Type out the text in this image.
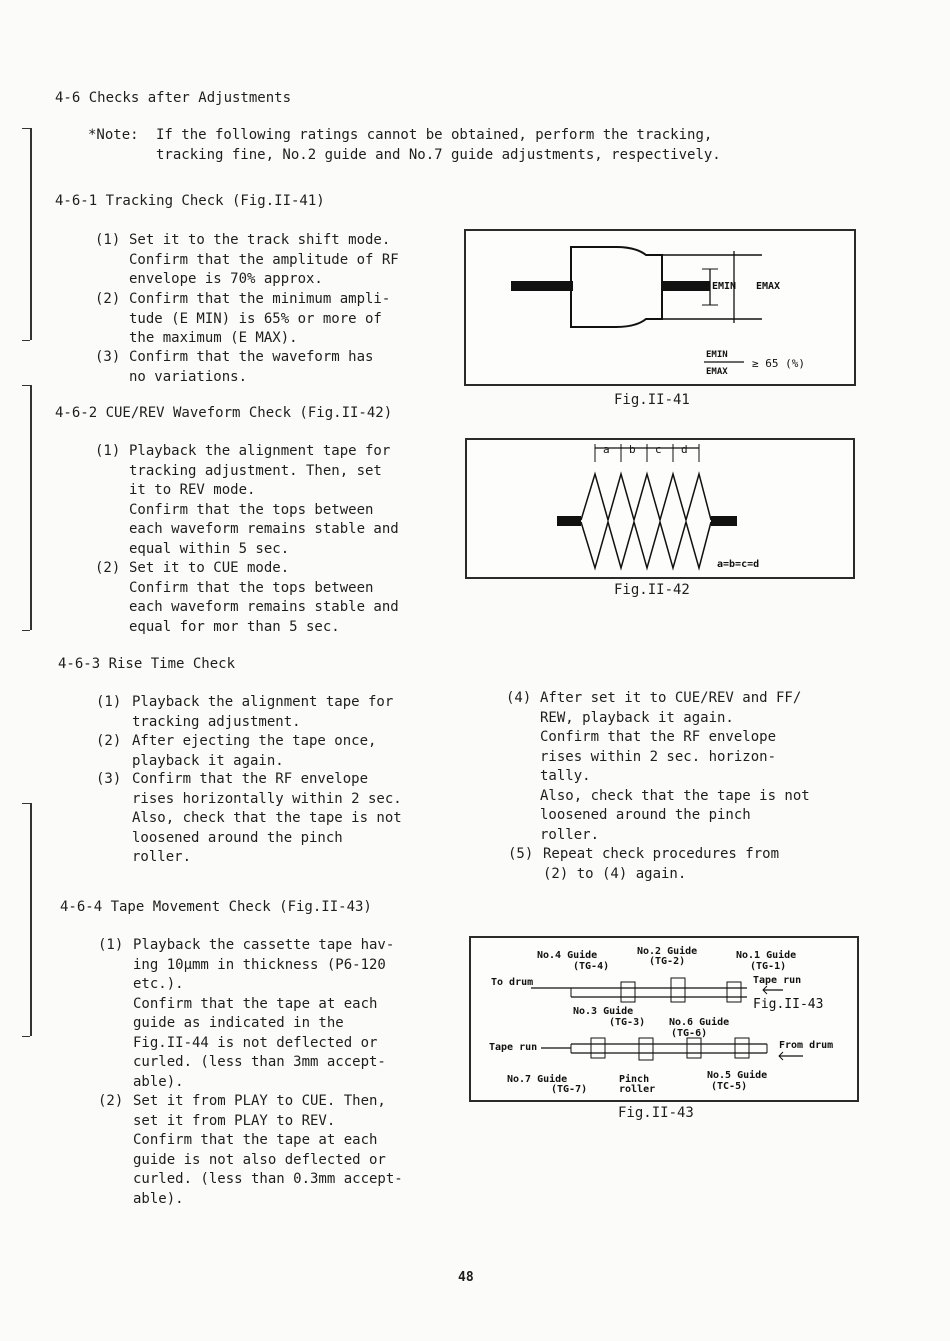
4-6 Checks after Adjustments
*Note: If the following ratings cannot be obtained, perform the tracking,
tracking fine, No.2 guide and No.7 guide adjustments, respectively.
4-6-1 Tracking Check (Fig.II-41)
(1) Set it to the track shift mode.
Confirm that the amplitude of RF
envelope is 70% approx.
(2) Confirm that the minimum ampli-
tude (E MIN) is 65% or more of
the maximum (E MAX).
(3) Confirm that the waveform has
no variations.
EMIN EMAX
EMIN
EMAX
≥ 65 (%)
Fig.II-41
4-6-2 CUE/REV Waveform Check (Fig.II-42)
(1) Playback the alignment tape for
tracking adjustment. Then, set
it to REV mode.
Confirm that the tops between
each waveform remains stable and
equal within 5 sec.
(2) Set it to CUE mode.
Confirm that the tops between
each waveform remains stable and
equal for mor than 5 sec.
a b c d
a=b=c=d
Fig.II-42
4-6-3 Rise Time Check
(1) Playback the alignment tape for
tracking adjustment.
(2) After ejecting the tape once,
playback it again.
(3) Confirm that the RF envelope
rises horizontally within 2 sec.
Also, check that the tape is not
loosened around the pinch
roller.
(4) After set it to CUE/REV and FF/
REW, playback it again.
Confirm that the RF envelope
rises within 2 sec. horizon-
tally.
Also, check that the tape is not
loosened around the pinch
roller.
(5) Repeat check procedures from
(2) to (4) again.
4-6-4 Tape Movement Check (Fig.II-43)
(1) Playback the cassette tape hav-
ing 10µmm in thickness (P6-120
etc.).
Confirm that the tape at each
guide as indicated in the
Fig.II-44 is not deflected or
curled. (less than 3mm accept-
able).
(2) Set it from PLAY to CUE. Then,
set it from PLAY to REV.
Confirm that the tape at each
guide is not also deflected or
curled. (less than 0.3mm accept-
able).
No.4 Guide
(TG-4)
No.2 Guide
(TG-2)
No.1 Guide
(TG-1)
To drum	Tape run
No.3 Guide
(TG-3) No.6 Guide
(TG-6)
Tape run	From drum
No.7 Guide
(TG-7)
Pinch
roller
No.5 Guide
(TC-5)
Fig.II-43
Fig.II-43
48
